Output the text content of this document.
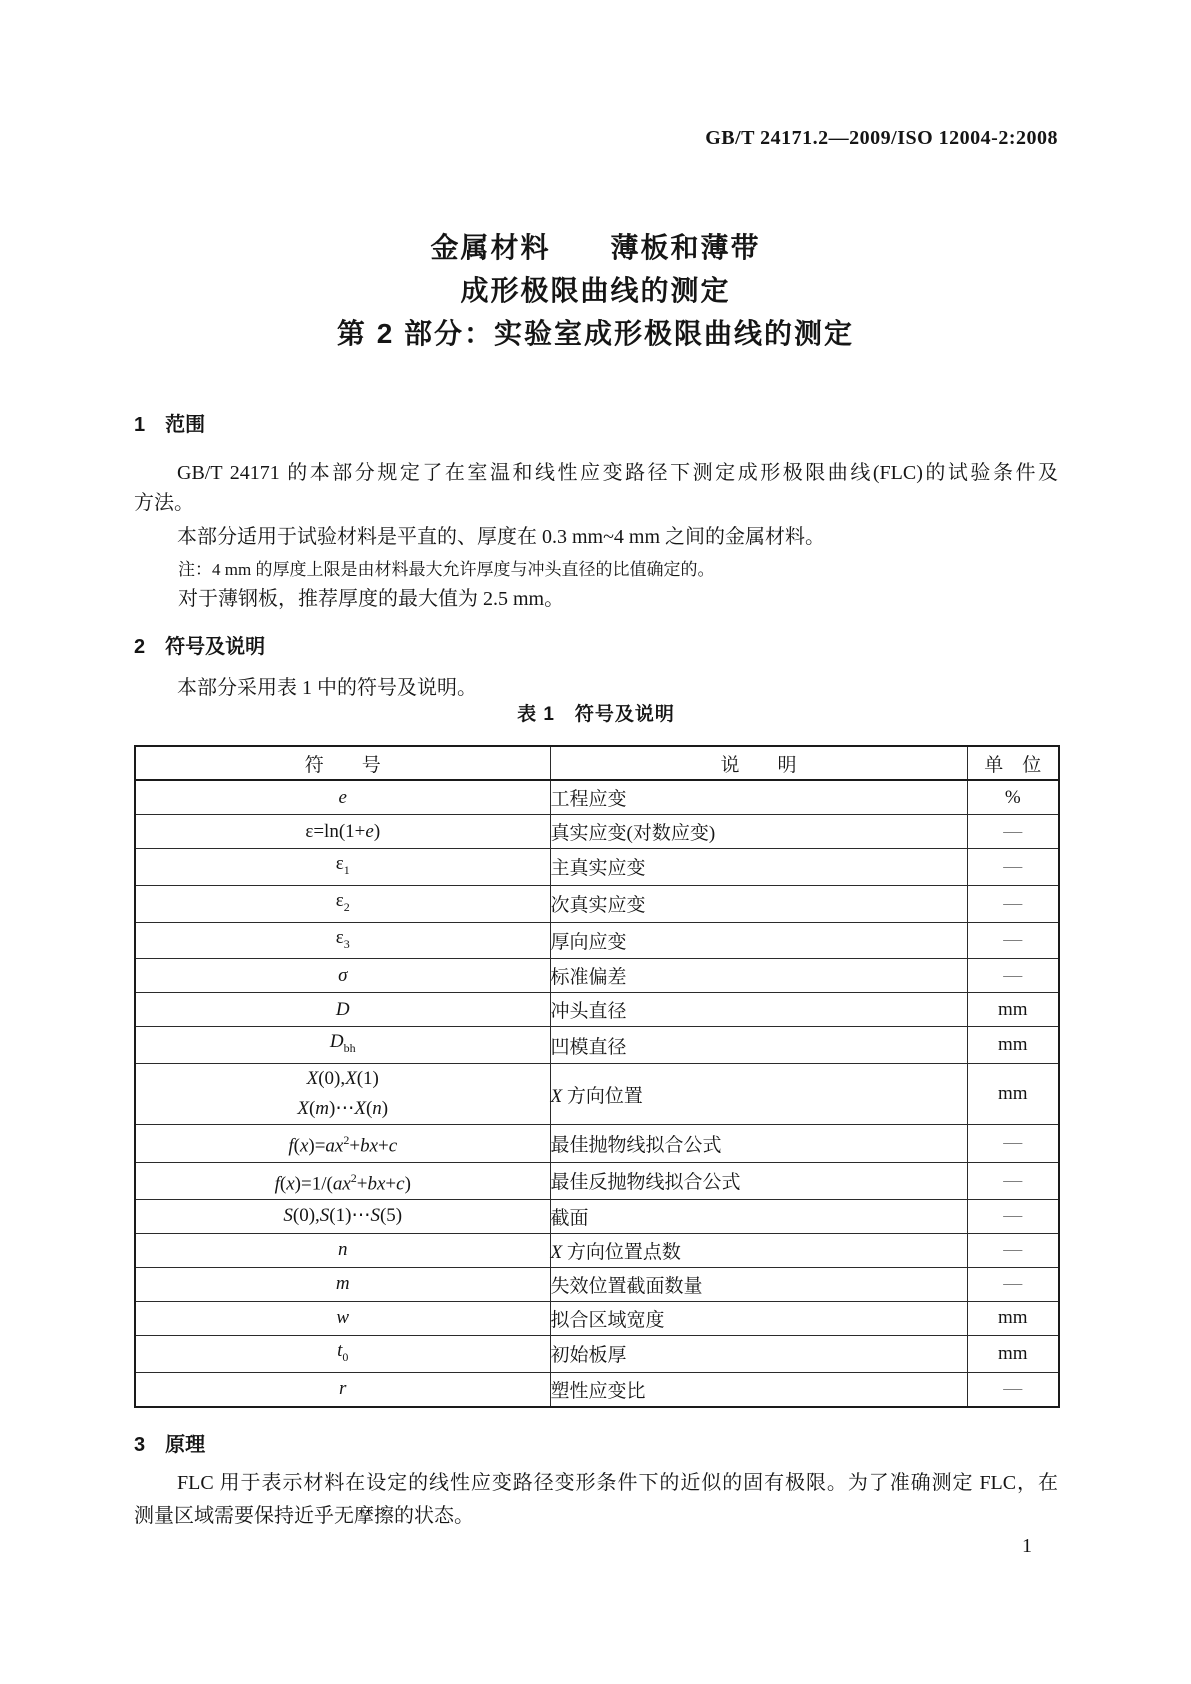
GB/T 24171.2—2009/ISO 12004-2:2008
金属材料　　薄板和薄带
成形极限曲线的测定
第 2 部分：实验室成形极限曲线的测定
1 范围
GB/T 24171 的本部分规定了在室温和线性应变路径下测定成形极限曲线(FLC)的试验条件及
方法。
本部分适用于试验材料是平直的、厚度在 0.3 mm~4 mm 之间的金属材料。
注：4 mm 的厚度上限是由材料最大允许厚度与冲头直径的比值确定的。
对于薄钢板，推荐厚度的最大值为 2.5 mm。
2 符号及说明
本部分采用表 1 中的符号及说明。
表 1　符号及说明
符　　号	说　　明	单　位
e	工程应变	%
ε=ln(1+e)	真实应变(对数应变)	—
$\varepsilon_1$	主真实应变	—
$\varepsilon_2$	次真实应变	—
$\varepsilon_3$	厚向应变	—
σ	标准偏差	—
D	冲头直径	mm
$D_{bh}$	凹模直径	mm
X(0),X(1)
X(m)⋯X(n)	X 方向位置	mm
$f(x)=ax^2+bx+c$	最佳抛物线拟合公式	—
$f(x)=1/(ax^2+bx+c)$	最佳反抛物线拟合公式	—
S(0),S(1)⋯S(5)	截面	—
n	X 方向位置点数	—
m	失效位置截面数量	—
w	拟合区域宽度	mm
$t_0$	初始板厚	mm
r	塑性应变比	—
3 原理
FLC 用于表示材料在设定的线性应变路径变形条件下的近似的固有极限。为了准确测定 FLC，在
测量区域需要保持近乎无摩擦的状态。
1
